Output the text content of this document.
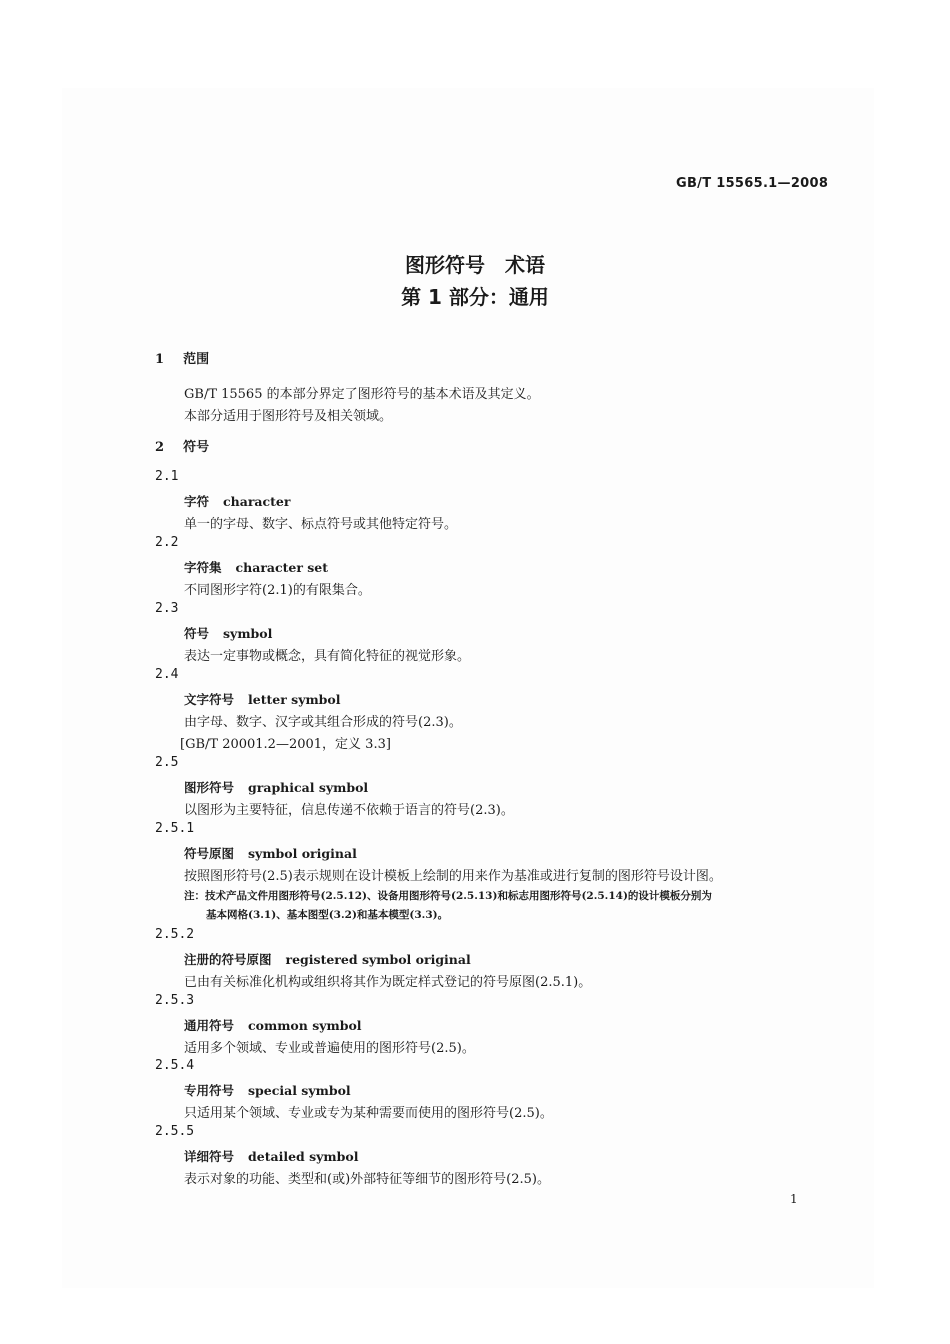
GB/T 15565.1—2008
图形符号　术语
第 1 部分：通用
1 范围
GB/T 15565 的本部分界定了图形符号的基本术语及其定义。
本部分适用于图形符号及相关领域。
2 符号
2.1
字符 character
单一的字母、数字、标点符号或其他特定符号。
2.2
字符集 character set
不同图形字符(2.1)的有限集合。
2.3
符号 symbol
表达一定事物或概念，具有简化特征的视觉形象。
2.4
文字符号 letter symbol
由字母、数字、汉字或其组合形成的符号(2.3)。
[GB/T 20001.2—2001，定义 3.3]
2.5
图形符号 graphical symbol
以图形为主要特征，信息传递不依赖于语言的符号(2.3)。
2.5.1
符号原图 symbol original
按照图形符号(2.5)表示规则在设计模板上绘制的用来作为基准或进行复制的图形符号设计图。
注：技术产品文件用图形符号(2.5.12)、设备用图形符号(2.5.13)和标志用图形符号(2.5.14)的设计模板分别为
基本网格(3.1)、基本图型(3.2)和基本模型(3.3)。
2.5.2
注册的符号原图 registered symbol original
已由有关标准化机构或组织将其作为既定样式登记的符号原图(2.5.1)。
2.5.3
通用符号 common symbol
适用多个领域、专业或普遍使用的图形符号(2.5)。
2.5.4
专用符号 special symbol
只适用某个领域、专业或专为某种需要而使用的图形符号(2.5)。
2.5.5
详细符号 detailed symbol
表示对象的功能、类型和(或)外部特征等细节的图形符号(2.5)。
1
